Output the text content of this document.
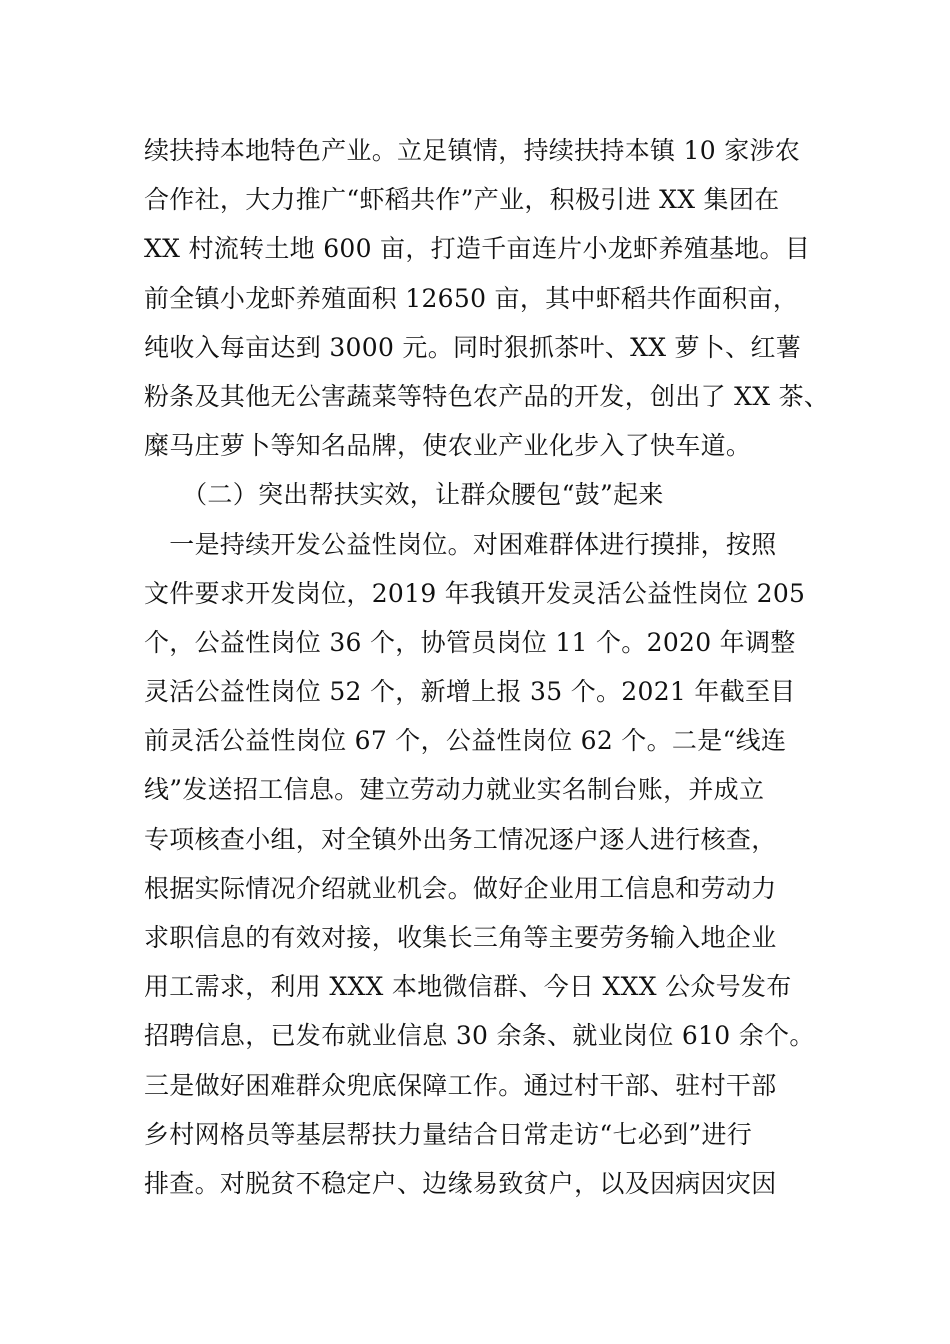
续扶持本地特色产业。立足镇情，持续扶持本镇 10 家涉农
合作社，大力推广“虾稻共作”产业，积极引进 XX 集团在
XX 村流转土地 600 亩，打造千亩连片小龙虾养殖基地。目
前全镇小龙虾养殖面积 12650 亩，其中虾稻共作面积亩，
纯收入每亩达到 3000 元。同时狠抓茶叶、XX 萝卜、红薯
粉条及其他无公害蔬菜等特色农产品的开发，创出了 XX 茶、
糜马庄萝卜等知名品牌，使农业产业化步入了快车道。
　　（二）突出帮扶实效，让群众腰包“鼓”起来
　一是持续开发公益性岗位。对困难群体进行摸排，按照
文件要求开发岗位，2019 年我镇开发灵活公益性岗位 205
个，公益性岗位 36 个，协管员岗位 11 个。2020 年调整
灵活公益性岗位 52 个，新增上报 35 个。2021 年截至目
前灵活公益性岗位 67 个，公益性岗位 62 个。二是“线连
线”发送招工信息。建立劳动力就业实名制台账，并成立
专项核查小组，对全镇外出务工情况逐户逐人进行核查，
根据实际情况介绍就业机会。做好企业用工信息和劳动力
求职信息的有效对接，收集长三角等主要劳务输入地企业
用工需求，利用 XXX 本地微信群、今日 XXX 公众号发布
招聘信息，已发布就业信息 30 余条、就业岗位 610 余个。
三是做好困难群众兜底保障工作。通过村干部、驻村干部
乡村网格员等基层帮扶力量结合日常走访“七必到”进行
排查。对脱贫不稳定户、边缘易致贫户，以及因病因灾因
